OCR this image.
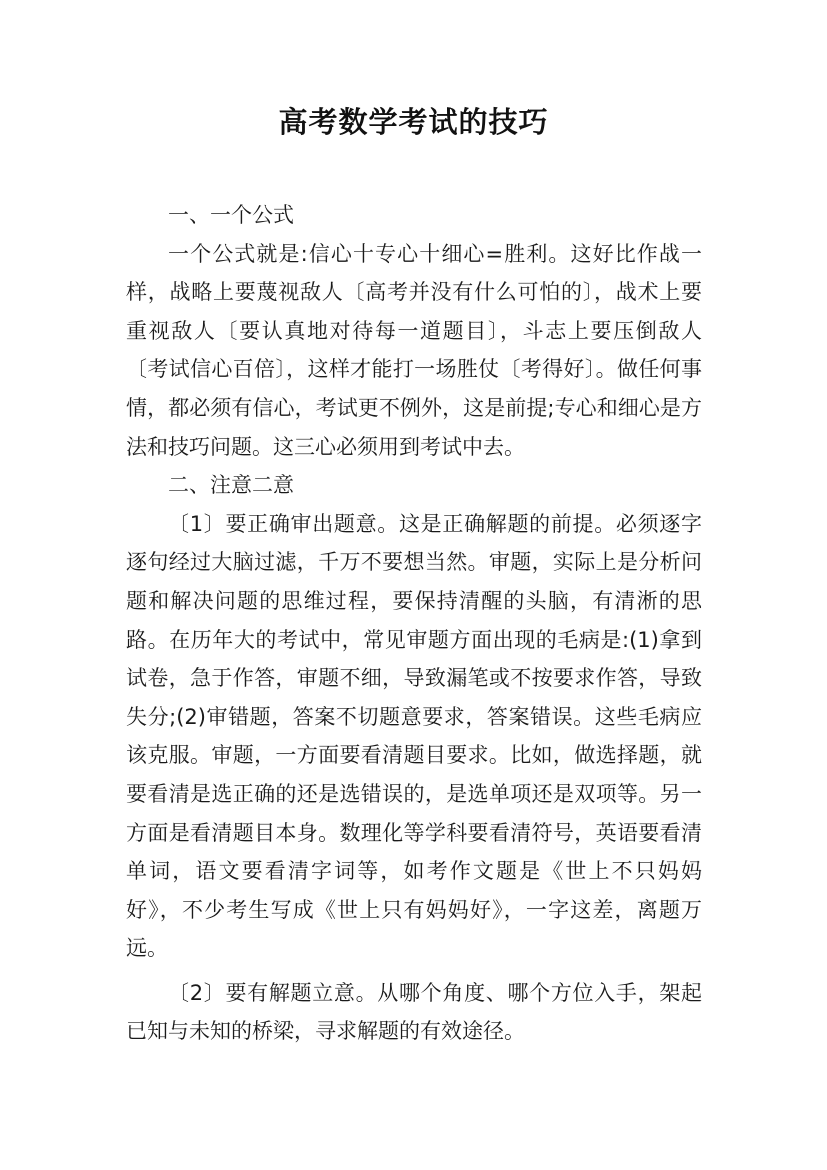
高考数学考试的技巧

一、一个公式

一个公式就是:信心十专心十细心=胜利。这好比作战一样，战略上要蔑视敌人〔高考并没有什么可怕的〕，战术上要重视敌人〔要认真地对待每一道题目〕，斗志上要压倒敌人〔考试信心百倍〕，这样才能打一场胜仗〔考得好〕。做任何事情，都必须有信心，考试更不例外，这是前提;专心和细心是方法和技巧问题。这三心必须用到考试中去。

二、注意二意

〔1〕要正确审出题意。这是正确解题的前提。必须逐字逐句经过大脑过滤，千万不要想当然。审题，实际上是分析问题和解决问题的思维过程，要保持清醒的头脑，有清淅的思路。在历年大的考试中，常见审题方面出现的毛病是:(1)拿到试卷，急于作答，审题不细，导致漏笔或不按要求作答，导致失分;(2)审错题，答案不切题意要求，答案错误。这些毛病应该克服。审题，一方面要看清题目要求。比如，做选择题，就要看清是选正确的还是选错误的，是选单项还是双项等。另一方面是看清题目本身。数理化等学科要看清符号，英语要看清单词，语文要看清字词等，如考作文题是《世上不只妈妈好》，不少考生写成《世上只有妈妈好》，一字这差，离题万远。

〔2〕要有解题立意。从哪个角度、哪个方位入手，架起已知与未知的桥梁，寻求解题的有效途径。
